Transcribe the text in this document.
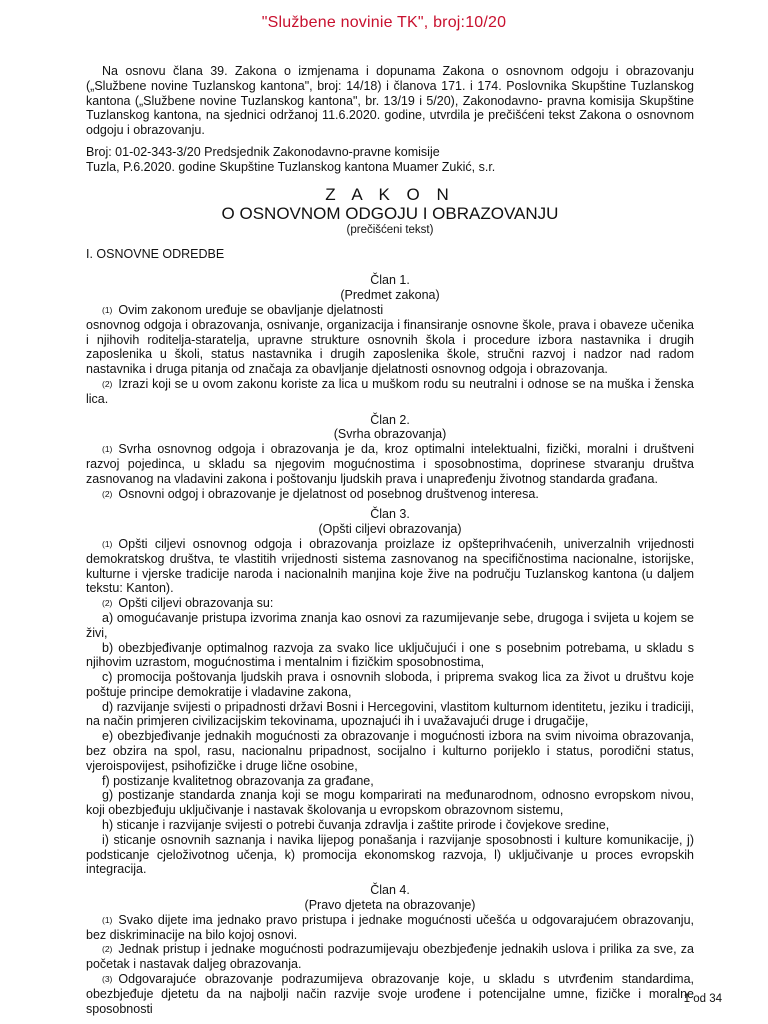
"Službene novinie TK", broj:10/20

Na osnovu člana 39. Zakona o izmjenama i dopunama Zakona o osnovnom odgoju i obrazovanju („Službene novine Tuzlanskog kantona", broj: 14/18) i članova 171. i 174. Poslovnika Skupštine Tuzlanskog kantona („Službene novine Tuzlanskog kantona", br. 13/19 i 5/20), Zakonodavno- pravna komisija Skupštine Tuzlanskog kantona, na sjednici održanoj 11.6.2020. godine, utvrdila je prečišćeni tekst Zakona o osnovnom odgoju i obrazovanju.

Broj: 01-02-343-3/20 Predsjednik Zakonodavno-pravne komisije

Tuzla, P.6.2020. godine Skupštine Tuzlanskog kantona Muamer Zukić, s.r.

Z A K O N
O OSNOVNOM ODGOJU I OBRAZOVANJU
(prečišćeni tekst)

I. OSNOVNE ODREDBE

Član 1.
(Predmet zakona)

(1) Ovim zakonom uređuje se obavljanje djelatnosti

osnovnog odgoja i obrazovanja, osnivanje, organizacija i finansiranje osnovne škole, prava i obaveze učenika i njihovih roditelja-staratelja, upravne strukture osnovnih škola i procedure izbora nastavnika i drugih zaposlenika u školi, status nastavnika i drugih zaposlenika škole, stručni razvoj i nadzor nad radom nastavnika i druga pitanja od značaja za obavljanje djelatnosti osnovnog odgoja i obrazovanja.

(2) Izrazi koji se u ovom zakonu koriste za lica u muškom rodu su neutralni i odnose se na muška i ženska lica.

Član 2.
(Svrha obrazovanja)

(1) Svrha osnovnog odgoja i obrazovanja je da, kroz optimalni intelektualni, fizički, moralni i društveni razvoj pojedinca, u skladu sa njegovim mogućnostima i sposobnostima, doprinese stvaranju društva zasnovanog na vladavini zakona i poštovanju ljudskih prava i unapređenju životnog standarda građana.

(2) Osnovni odgoj i obrazovanje je djelatnost od posebnog društvenog interesa.

Član 3.
(Opšti ciljevi obrazovanja)

(1) Opšti ciljevi osnovnog odgoja i obrazovanja proizlaze iz opšteprihvaćenih, univerzalnih vrijednosti demokratskog društva, te vlastitih vrijednosti sistema zasnovanog na specifičnostima nacionalne, istorijske, kulturne i vjerske tradicije naroda i nacionalnih manjina koje žive na području Tuzlanskog kantona (u daljem tekstu: Kanton).

(2) Opšti ciljevi obrazovanja su:

a) omogućavanje pristupa izvorima znanja kao osnovi za razumijevanje sebe, drugoga i svijeta u kojem se živi,

b) obezbjeđivanje optimalnog razvoja za svako lice uključujući i one s posebnim potrebama, u skladu s njihovim uzrastom, mogućnostima i mentalnim i fizičkim sposobnostima,

c) promocija poštovanja ljudskih prava i osnovnih sloboda, i priprema svakog lica za život u društvu koje poštuje principe demokratije i vladavine zakona,

d) razvijanje svijesti o pripadnosti državi Bosni i Hercegovini, vlastitom kulturnom identitetu, jeziku i tradiciji, na način primjeren civilizacijskim tekovinama, upoznajući ih i uvažavajući druge i drugačije,

e) obezbjeđivanje jednakih mogućnosti za obrazovanje i mogućnosti izbora na svim nivoima obrazovanja, bez obzira na spol, rasu, nacionalnu pripadnost, socijalno i kulturno porijeklo i status, porodični status, vjeroispovijest, psihofizičke i druge lične osobine,

f) postizanje kvalitetnog obrazovanja za građane,

g) postizanje standarda znanja koji se mogu komparirati na međunarodnom, odnosno evropskom nivou, koji obezbjeđuju uključivanje i nastavak školovanja u evropskom obrazovnom sistemu,

h) sticanje i razvijanje svijesti o potrebi čuvanja zdravlja i zaštite prirode i čovjekove sredine,

i) sticanje osnovnih saznanja i navika lijepog ponašanja i razvijanje sposobnosti i kulture komunikacije, j) podsticanje cjeloživotnog učenja, k) promocija ekonomskog razvoja, l) uključivanje u proces evropskih integracija.

Član 4.
(Pravo djeteta na obrazovanje)

(1) Svako dijete ima jednako pravo pristupa i jednake mogućnosti učešća u odgovarajućem obrazovanju, bez diskriminacije na bilo kojoj osnovi.

(2) Jednak pristup i jednake mogućnosti podrazumijevaju obezbjeđenje jednakih uslova i prilika za sve, za početak i nastavak daljeg obrazovanja.

(3) Odgovarajuće obrazovanje podrazumijeva obrazovanje koje, u skladu s utvrđenim standardima, obezbjeđuje djetetu da na najbolji način razvije svoje urođene i potencijalne umne, fizičke i moralne sposobnosti

1 od 34
